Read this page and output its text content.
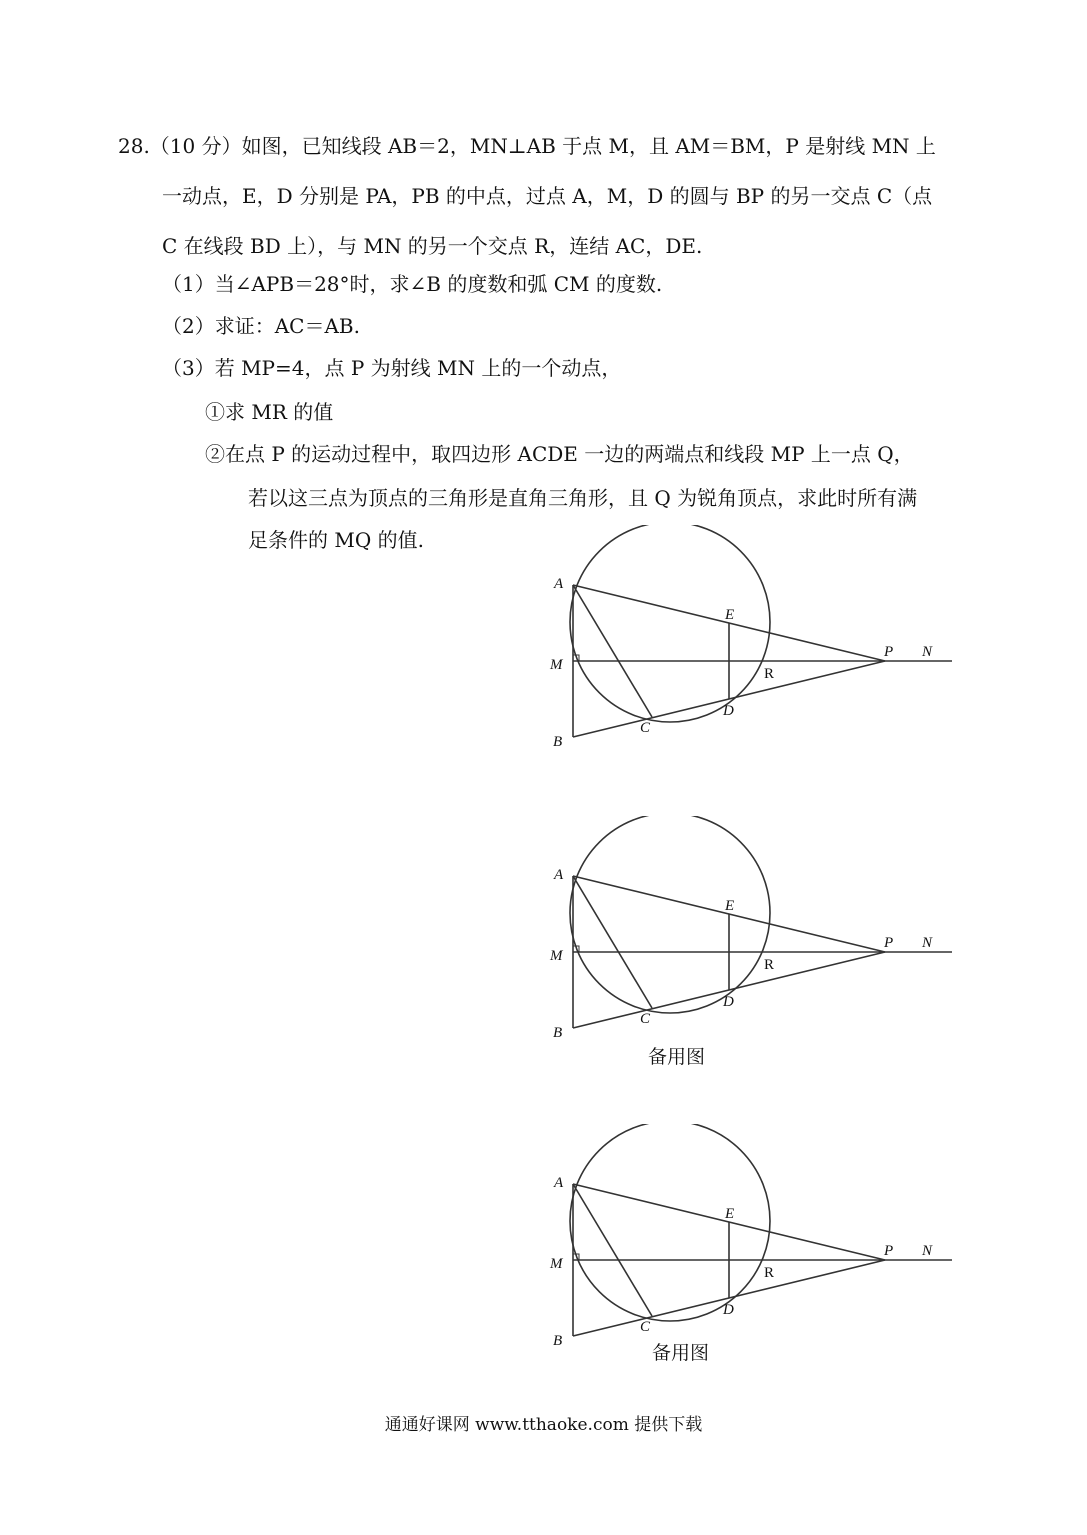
28.（10 分）如图，已知线段 AB＝2，MN⊥AB 于点 M，且 AM＝BM，P 是射线 MN 上
一动点，E，D 分别是 PA，PB 的中点，过点 A，M，D 的圆与 BP 的另一交点 C（点
C 在线段 BD 上），与 MN 的另一个交点 R，连结 AC，DE.
（1）当∠APB＝28°时，求∠B 的度数和弧 CM 的度数.
（2）求证：AC＝AB.
（3）若 MP=4，点 P 为射线 MN 上的一个动点，
①求 MR 的值
②在点 P 的运动过程中，取四边形 ACDE 一边的两端点和线段 MP 上一点 Q，
若以这三点为顶点的三角形是直角三角形，且 Q 为锐角顶点，求此时所有满
足条件的 MQ 的值.
A
M
B
C
D
E
P N
R
A
M
B
C
D
E
P N
R
备用图
A
M
B
C
D
E
P N
R
备用图
通通好课网 www.tthaoke.com 提供下载
